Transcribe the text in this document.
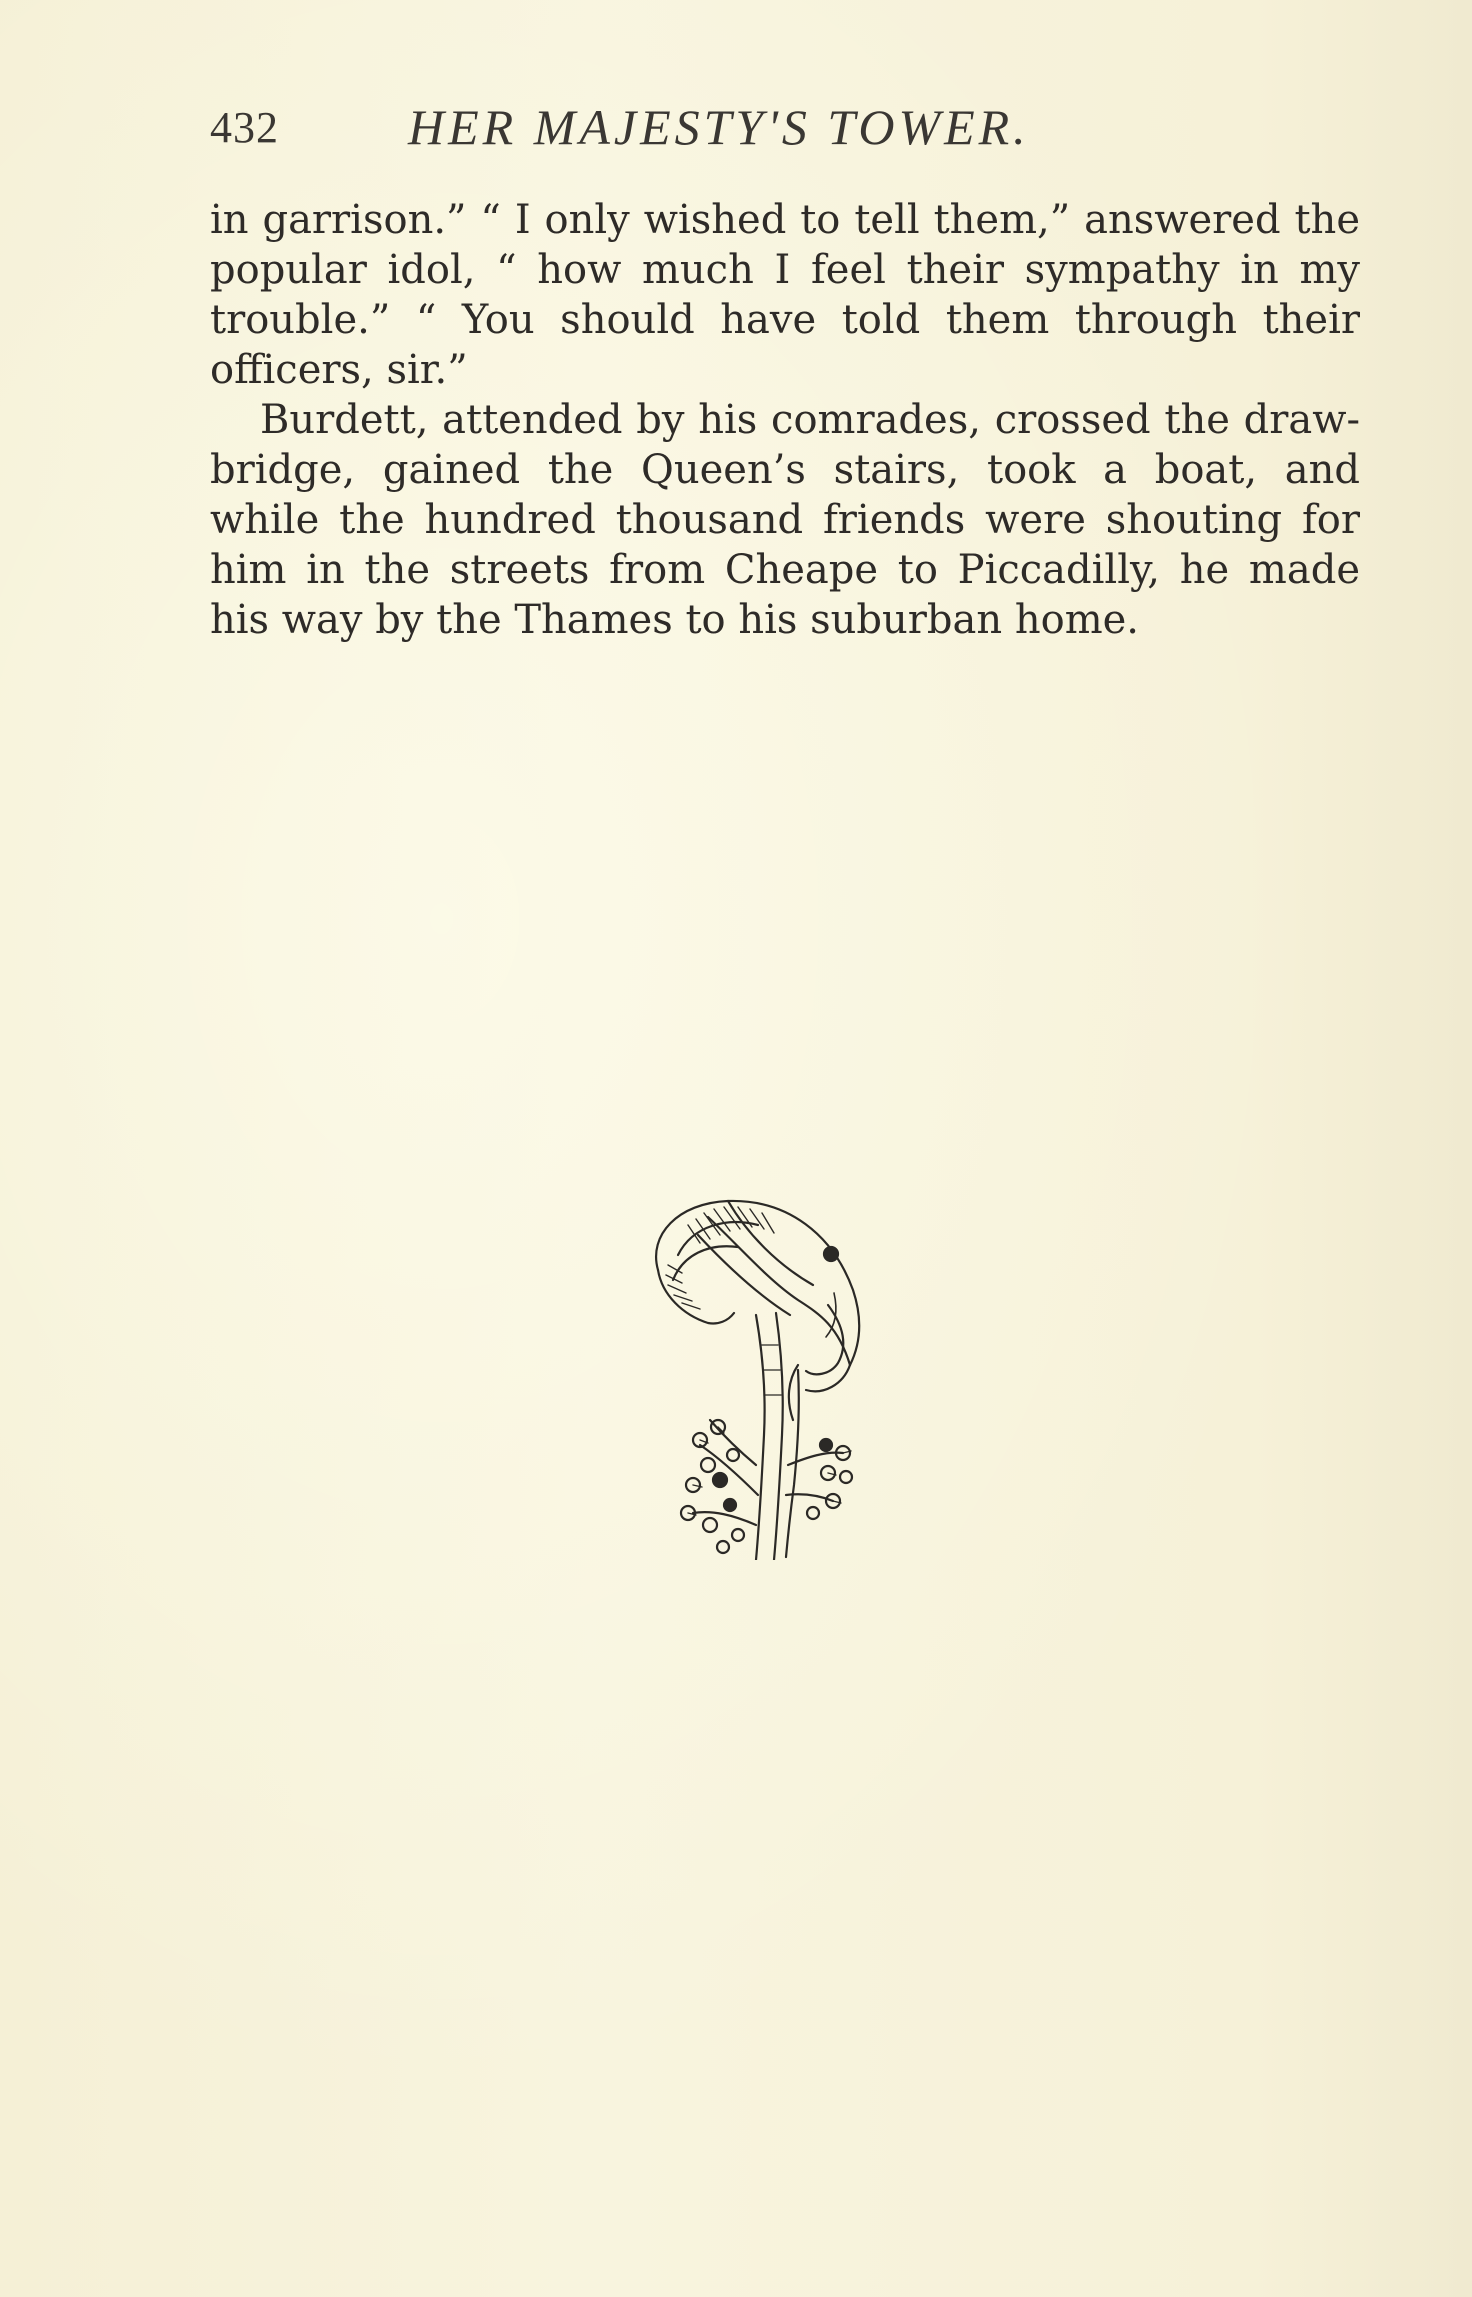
432	HER MAJESTY'S TOWER.

in garrison.” “ I only wished to tell them,” answered the popular idol, “ how much I feel their sympathy in my trouble.” “ You should have told them through their officers, sir.”

Burdett, attended by his comrades, crossed the drawbridge, gained the Queen’s stairs, took a boat, and while the hundred thousand friends were shouting for him in the streets from Cheape to Piccadilly, he made his way by the Thames to his suburban home.
